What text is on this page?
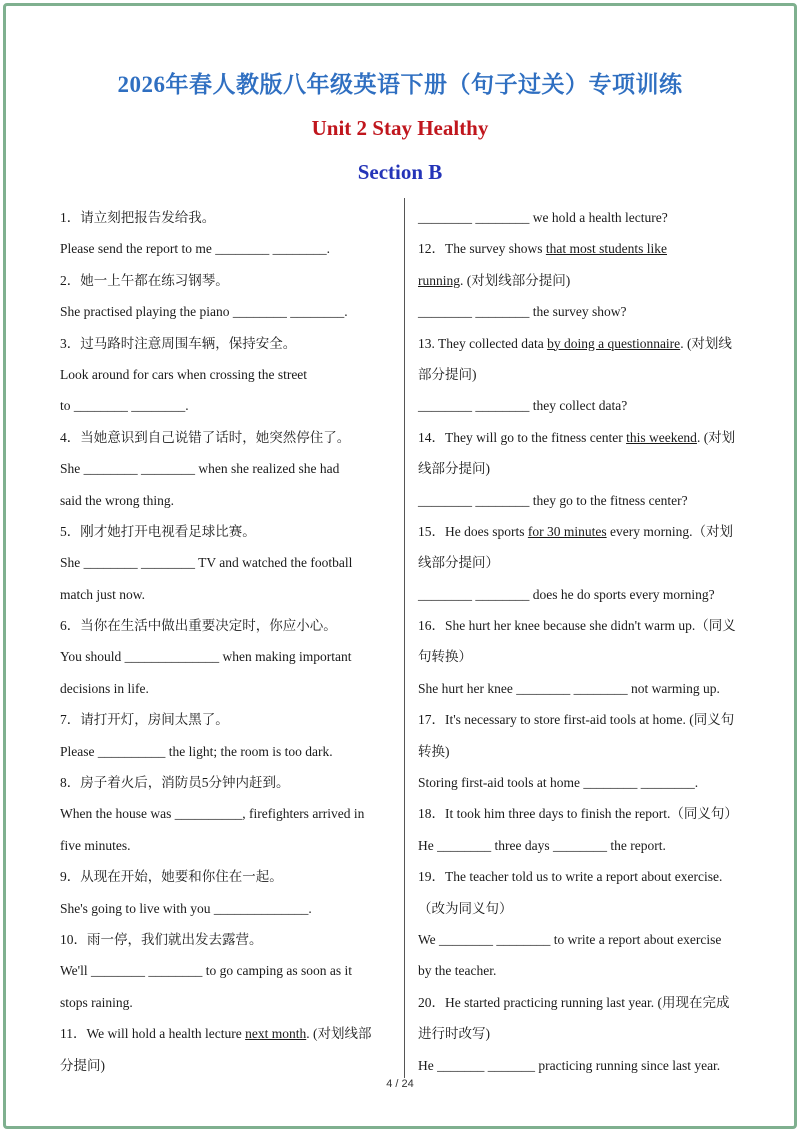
2026年春人教版八年级英语下册（句子过关）专项训练
Unit 2 Stay Healthy
Section B
1．请立刻把报告发给我。
Please send the report to me ________ ________.
2．她一上午都在练习钢琴。
She practised playing the piano ________ ________.
3．过马路时注意周围车辆，保持安全。
Look around for cars when crossing the street
to ________ ________.
4．当她意识到自己说错了话时，她突然停住了。
She ________ ________ when she realized she had
said the wrong thing.
5．刚才她打开电视看足球比赛。
She ________ ________ TV and watched the football
match just now.
6．当你在生活中做出重要决定时，你应小心。
You should ______________ when making important
decisions in life.
7．请打开灯，房间太黑了。
Please __________ the light; the room is too dark.
8．房子着火后，消防员5分钟内赶到。
When the house was __________, firefighters arrived in
five minutes.
9．从现在开始，她要和你住在一起。
She's going to live with you ______________.
10．雨一停，我们就出发去露营。
We'll ________ ________ to go camping as soon as it
stops raining.
11．We will hold a health lecture next month. (对划线部
分提问)
________ ________ we hold a health lecture?
12．The survey shows that most students like
running. (对划线部分提问)
________ ________ the survey show?
13. They collected data by doing a questionnaire. (对划线
部分提问)
________ ________ they collect data?
14．They will go to the fitness center this weekend. (对划
线部分提问)
________ ________ they go to the fitness center?
15．He does sports for 30 minutes every morning.（对划
线部分提问）
________ ________ does he do sports every morning?
16．She hurt her knee because she didn't warm up.（同义
句转换）
She hurt her knee ________ ________ not warming up.
17．It's necessary to store first-aid tools at home. (同义句
转换)
Storing first-aid tools at home ________ ________.
18．It took him three days to finish the report.（同义句）
He ________ three days ________ the report.
19．The teacher told us to write a report about exercise.
（改为同义句）
We ________ ________ to write a report about exercise
by the teacher.
20．He started practicing running last year. (用现在完成
进行时改写)
He _______ _______ practicing running since last year.
4 / 24
